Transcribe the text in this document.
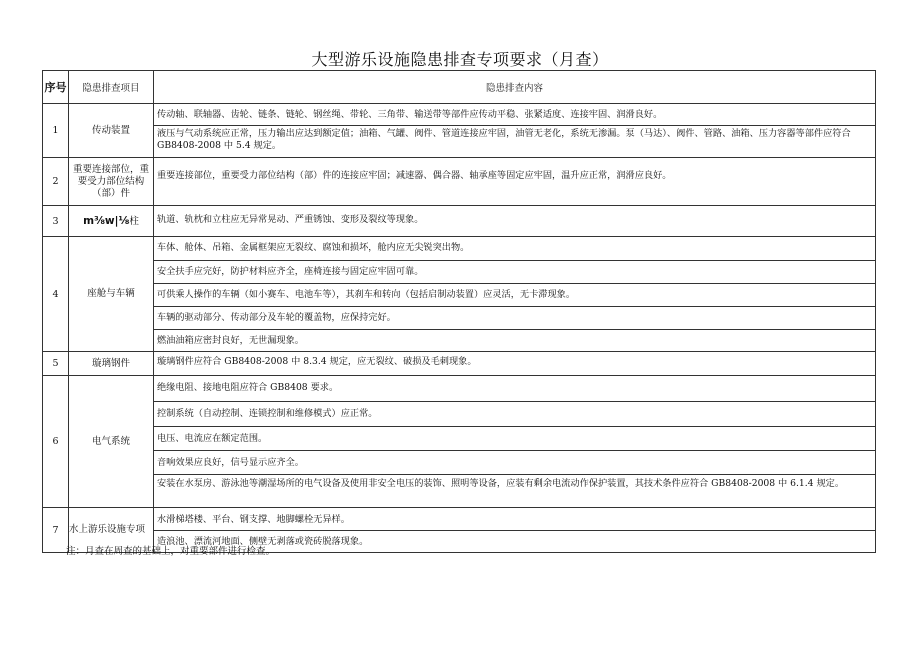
大型游乐设施隐患排查专项要求（月查）
序号	隐患排查项目	隐患排查内容
1	传动装置	传动轴、联轴器、齿轮、链条、链轮、钢丝绳、带轮、三角带、输送带等部件应传动平稳、张紧适度、连接牢固、润滑良好。
液压与气动系统应正常，压力输出应达到额定值；油箱、气罐、阀件、管道连接应牢固，油管无老化，系统无渗漏。泵（马达）、阀件、管路、油箱、压力容器等部件应符合 GB8408-2008 中 5.4 规定。

2	重要连接部位，重要受力部位结构（部）件	重要连接部位，重要受力部位结构（部）件的连接应牢固；减速器、偶合器、轴承座等固定应牢固，温升应正常，润滑应良好。

3	m⅜w|⅛柱	轨道、轨枕和立柱应无异常晃动、严重锈蚀、变形及裂纹等现象。

4	座舱与车辆	车体、舱体、吊箱、金属框架应无裂纹、腐蚀和损坏，舱内应无尖锐突出物。
安全扶手应完好，防护材料应齐全，座椅连接与固定应牢固可靠。
可供乘人操作的车辆（如小赛车、电池车等），其刹车和转向（包括启制动装置）应灵活，无卡滞现象。
车辆的驱动部分、传动部分及车轮的覆盖物，应保持完好。
燃油油箱应密封良好，无世漏现象。

5	璇璃钢件	璇璃钢件应符合 GB8408-2008 中 8.3.4 规定，应无裂纹、破损及毛刺现象。

6	电气系统	绝缘电阻、接地电阻应符合 GB8408 要求。
控制系统（自动控制、连锁控制和维修模式）应正常。
电压、电流应在额定范围。
音响效果应良好，信号显示应齐全。
安装在水泵房、游泳池等潮湿场所的电气设备及使用非安全电压的装饰、照明等设备，应装有剩余电流动作保护装置，其技术条件应符合 GB8408-2008 中 6.1.4 规定。

7	水上游乐设施专项	水滑梯塔楼、平台、钢支撑、地脚螺栓无异样。
造浪池、漂流河地面、侧壁无剥落或瓷砖脱落现象。
注：月查在周查的基础上，对重要部件进行检查。
